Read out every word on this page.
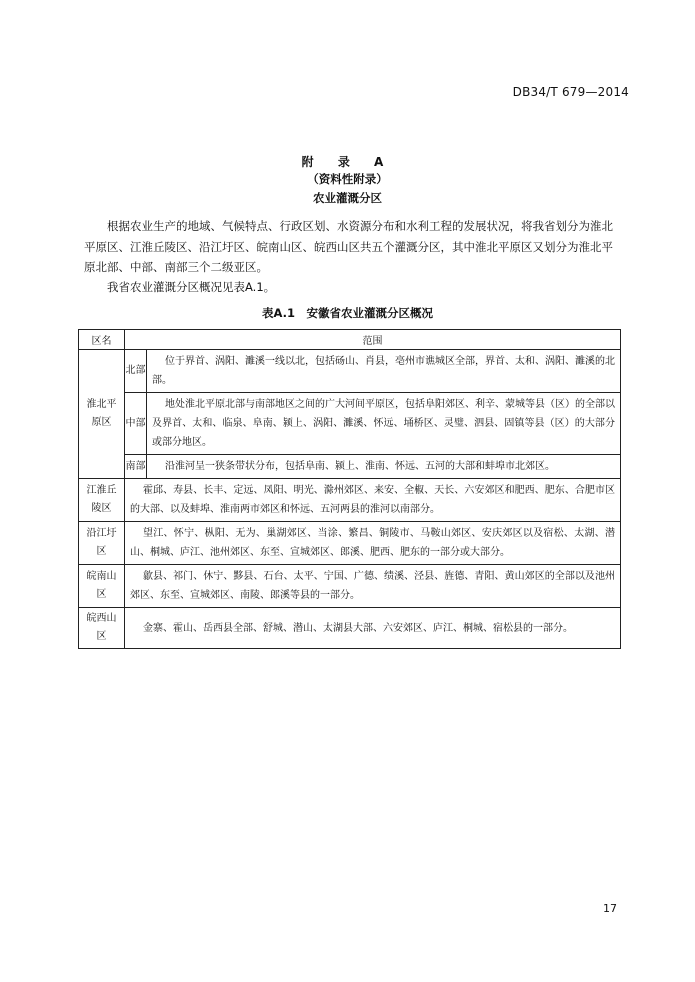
DB34/T 679—2014
附 录 A
（资料性附录）
农业灌溉分区
根据农业生产的地域、气候特点、行政区划、水资源分布和水利工程的发展状况，将我省划分为淮北平原区、江淮丘陵区、沿江圩区、皖南山区、皖西山区共五个灌溉分区，其中淮北平原区又划分为淮北平原北部、中部、南部三个二级亚区。
我省农业灌溉分区概况见表A.1。
表A.1　安徽省农业灌溉分区概况
区名	范围	
淮北平原区	北部	位于界首、涡阳、濉溪一线以北，包括砀山、肖县，亳州市谯城区全部，界首、太和、涡阳、濉溪的北部。
	中部	地处淮北平原北部与南部地区之间的广大河间平原区，包括阜阳郊区、利辛、蒙城等县（区）的全部以及界首、太和、临泉、阜南、颍上、涡阳、濉溪、怀远、埇桥区、灵璧、泗县、固镇等县（区）的大部分或部分地区。
	南部	沿淮河呈一狭条带状分布，包括阜南、颍上、淮南、怀远、五河的大部和蚌埠市北郊区。
江淮丘陵区	霍邱、寿县、长丰、定远、凤阳、明光、滁州郊区、来安、全椒、天长、六安郊区和肥西、肥东、合肥市区的大部、以及蚌埠、淮南两市郊区和怀远、五河两县的淮河以南部分。	
沿江圩区	望江、怀宁、枞阳、无为、巢湖郊区、当涂、繁昌、铜陵市、马鞍山郊区、安庆郊区以及宿松、太湖、潜山、桐城、庐江、池州郊区、东至、宣城郊区、郎溪、肥西、肥东的一部分或大部分。	
皖南山区	歙县、祁门、休宁、黟县、石台、太平、宁国、广德、绩溪、泾县、旌德、青阳、黄山郊区的全部以及池州郊区、东至、宣城郊区、南陵、郎溪等县的一部分。	
皖西山区	金寨、霍山、岳西县全部、舒城、潜山、太湖县大部、六安郊区、庐江、桐城、宿松县的一部分。	
17
